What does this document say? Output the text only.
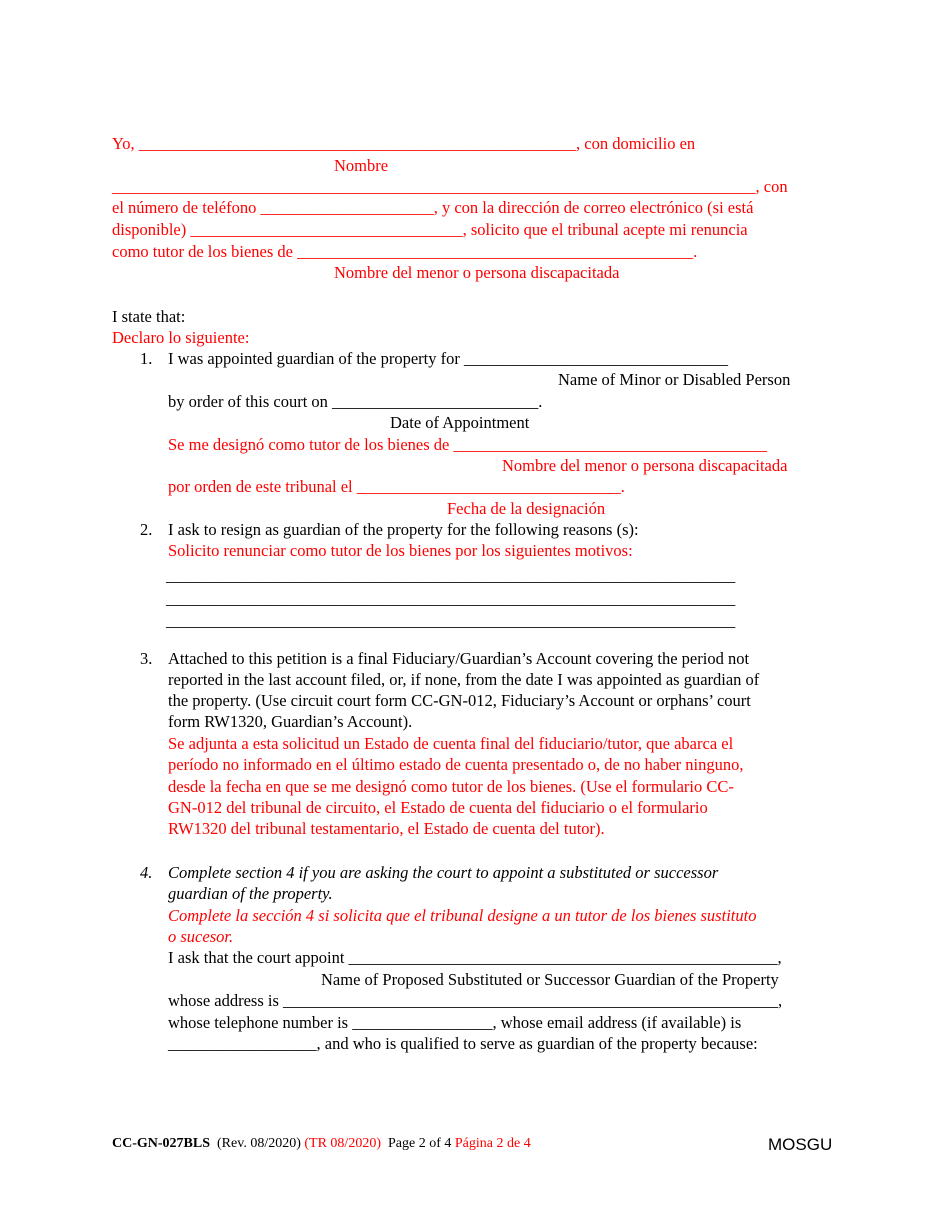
Yo, _____________________________________________________, con domicilio en
Nombre
______________________________________________________________________________, con
el número de teléfono _____________________, y con la dirección de correo electrónico (si está
disponible) _________________________________, solicito que el tribunal acepte mi renuncia
como tutor de los bienes de ________________________________________________.
Nombre del menor o persona discapacitada
I state that:
Declaro lo siguiente:
1. I was appointed guardian of the property for ________________________________
Name of Minor or Disabled Person
by order of this court on _________________________.
Date of Appointment
Se me designó como tutor de los bienes de ______________________________________
Nombre del menor o persona discapacitada
por orden de este tribunal el ________________________________.
Fecha de la designación
2. I ask to resign as guardian of the property for the following reasons (s):
Solicito renunciar como tutor de los bienes por los siguientes motivos:
_____________________________________________________________________
_____________________________________________________________________
_____________________________________________________________________
3. Attached to this petition is a final Fiduciary/Guardian’s Account covering the period not
reported in the last account filed, or, if none, from the date I was appointed as guardian of
the property. (Use circuit court form CC-GN-012, Fiduciary’s Account or orphans’ court
form RW1320, Guardian’s Account).
Se adjunta a esta solicitud un Estado de cuenta final del fiduciario/tutor, que abarca el
período no informado en el último estado de cuenta presentado o, de no haber ninguno,
desde la fecha en que se me designó como tutor de los bienes. (Use el formulario CC-
GN-012 del tribunal de circuito, el Estado de cuenta del fiduciario o el formulario
RW1320 del tribunal testamentario, el Estado de cuenta del tutor).
4. Complete section 4 if you are asking the court to appoint a substituted or successor
guardian of the property.
Complete la sección 4 si solicita que el tribunal designe a un tutor de los bienes sustituto
o sucesor.
I ask that the court appoint ____________________________________________________,
Name of Proposed Substituted or Successor Guardian of the Property
whose address is ____________________________________________________________,
whose telephone number is _________________, whose email address (if available) is
__________________, and who is qualified to serve as guardian of the property because:
CC-GN-027BLS (Rev. 08/2020) (TR 08/2020) Page 2 of 4 Página 2 de 4	MOSGU
